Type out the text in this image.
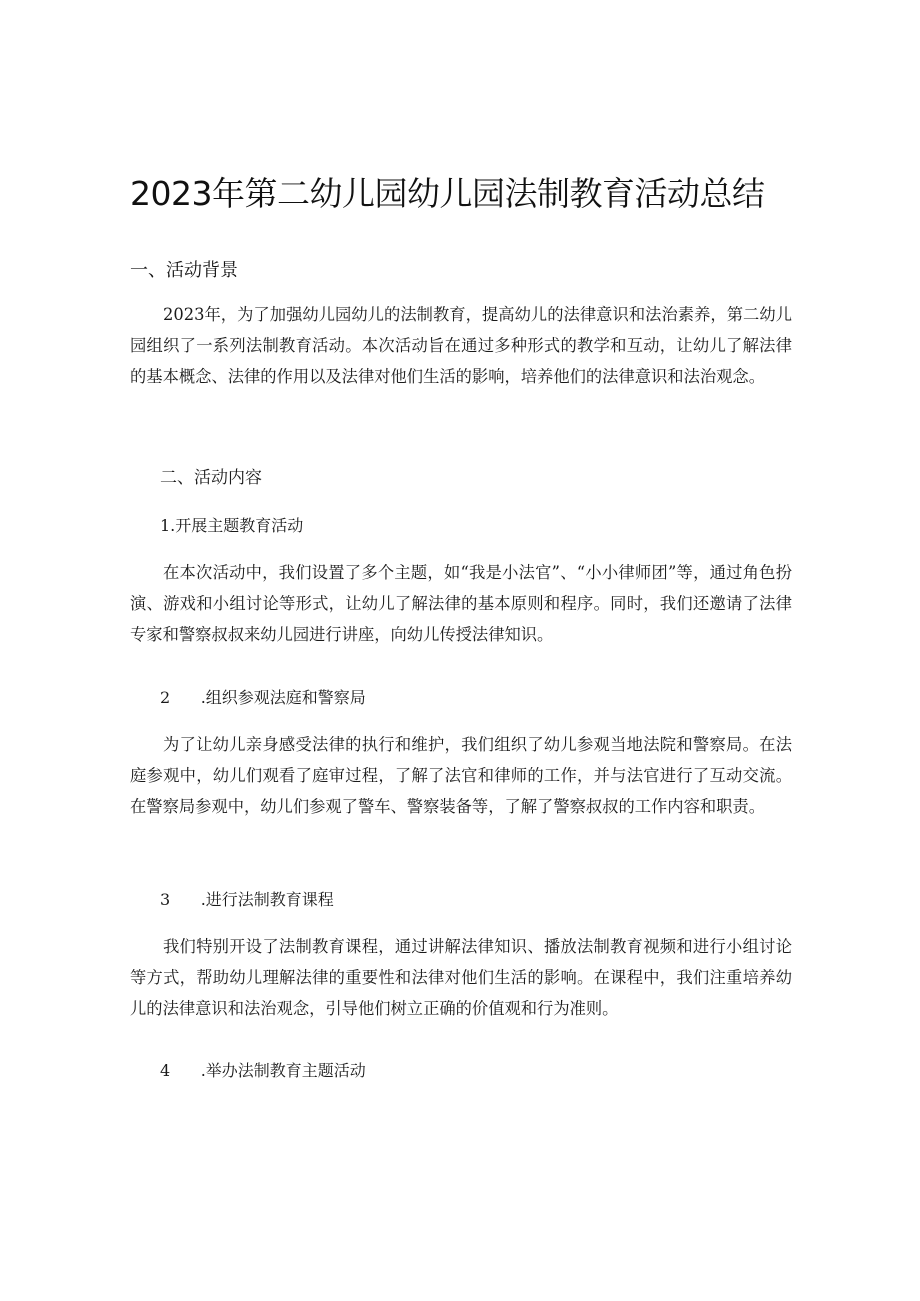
2023年第二幼儿园幼儿园法制教育活动总结
一、活动背景

2023年，为了加强幼儿园幼儿的法制教育，提高幼儿的法律意识和法治素养，第二幼儿园组织了一系列法制教育活动。本次活动旨在通过多种形式的教学和互动，让幼儿了解法律的基本概念、法律的作用以及法律对他们生活的影响，培养他们的法律意识和法治观念。

二、活动内容
1.开展主题教育活动

在本次活动中，我们设置了多个主题，如“我是小法官”、“小小律师团”等，通过角色扮演、游戏和小组讨论等形式，让幼儿了解法律的基本原则和程序。同时，我们还邀请了法律专家和警察叔叔来幼儿园进行讲座，向幼儿传授法律知识。

2	.组织参观法庭和警察局

为了让幼儿亲身感受法律的执行和维护，我们组织了幼儿参观当地法院和警察局。在法庭参观中，幼儿们观看了庭审过程，了解了法官和律师的工作，并与法官进行了互动交流。在警察局参观中，幼儿们参观了警车、警察装备等，了解了警察叔叔的工作内容和职责。

3	.进行法制教育课程

我们特别开设了法制教育课程，通过讲解法律知识、播放法制教育视频和进行小组讨论等方式，帮助幼儿理解法律的重要性和法律对他们生活的影响。在课程中，我们注重培养幼儿的法律意识和法治观念，引导他们树立正确的价值观和行为准则。

4	.举办法制教育主题活动
